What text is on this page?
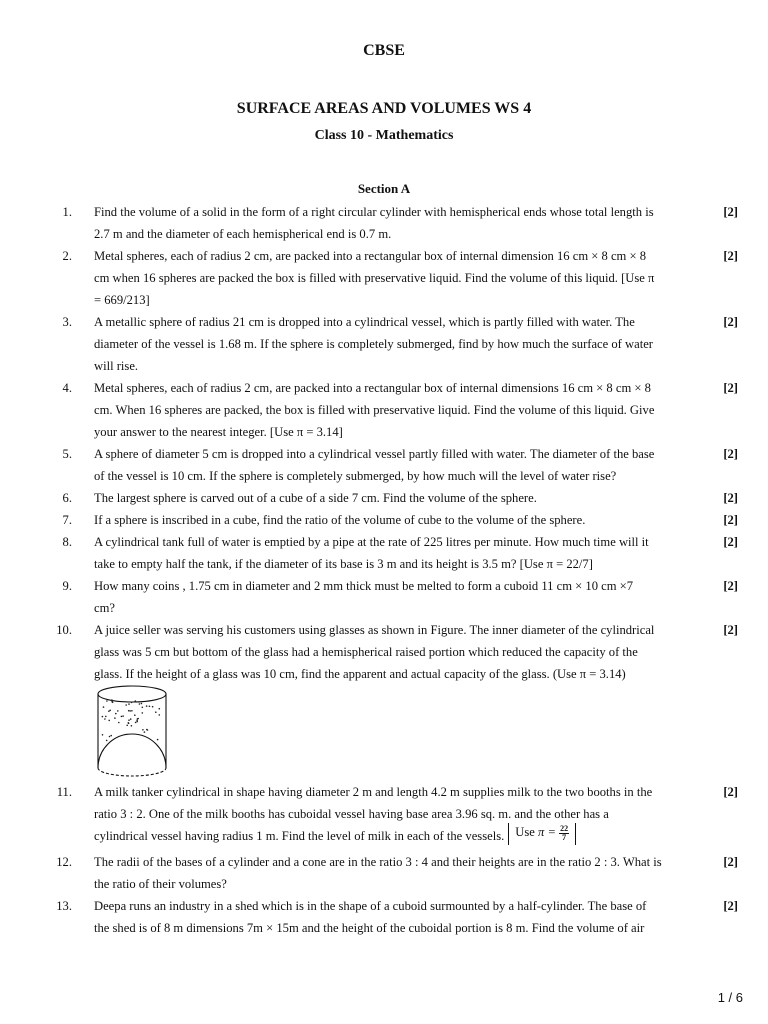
CBSE
SURFACE AREAS AND VOLUMES WS 4
Class 10 - Mathematics
Section A
1. Find the volume of a solid in the form of a right circular cylinder with hemispherical ends whose total length is
2.7 m and the diameter of each hemispherical end is 0.7 m.
[2]
2. Metal spheres, each of radius 2 cm, are packed into a rectangular box of internal dimension 16 cm × 8 cm × 8
cm when 16 spheres are packed the box is filled with preservative liquid. Find the volume of this liquid. [Use π
= 669/213]
[2]
3. A metallic sphere of radius 21 cm is dropped into a cylindrical vessel, which is partly filled with water. The
diameter of the vessel is 1.68 m. If the sphere is completely submerged, find by how much the surface of water
will rise.
[2]
4. Metal spheres, each of radius 2 cm, are packed into a rectangular box of internal dimensions 16 cm × 8 cm × 8
cm. When 16 spheres are packed, the box is filled with preservative liquid. Find the volume of this liquid. Give
your answer to the nearest integer. [Use π = 3.14]
[2]
5. A sphere of diameter 5 cm is dropped into a cylindrical vessel partly filled with water. The diameter of the base
of the vessel is 10 cm. If the sphere is completely submerged, by how much will the level of water rise?
[2]
6. The largest sphere is carved out of a cube of a side 7 cm. Find the volume of the sphere.	[2]
7. If a sphere is inscribed in a cube, find the ratio of the volume of cube to the volume of the sphere.	[2]
8. A cylindrical tank full of water is emptied by a pipe at the rate of 225 litres per minute. How much time will it
take to empty half the tank, if the diameter of its base is 3 m and its height is 3.5 m? [Use π = 22/7]
[2]
9. How many coins , 1.75 cm in diameter and 2 mm thick must be melted to form a cuboid 11 cm × 10 cm ×7
cm?
[2]
10. A juice seller was serving his customers using glasses as shown in Figure. The inner diameter of the cylindrical
glass was 5 cm but bottom of the glass had a hemispherical raised portion which reduced the capacity of the
glass. If the height of a glass was 10 cm, find the apparent and actual capacity of the glass. (Use π = 3.14)
[2]
11. A milk tanker cylindrical in shape having diameter 2 m and length 4.2 m supplies milk to the two booths in the
ratio 3 : 2. One of the milk booths has cuboidal vessel having base area 3.96 sq. m. and the other has a
cylindrical vessel having radius 1 m. Find the level of milk in each of the vessels. Use $\pi = \frac{22}{7}$
[2]
12. The radii of the bases of a cylinder and a cone are in the ratio 3 : 4 and their heights are in the ratio 2 : 3. What is
the ratio of their volumes?
[2]
13. Deepa runs an industry in a shed which is in the shape of a cuboid surmounted by a half-cylinder. The base of
the shed is of 8 m dimensions 7m × 15m and the height of the cuboidal portion is 8 m. Find the volume of air
[2]
1 / 6
